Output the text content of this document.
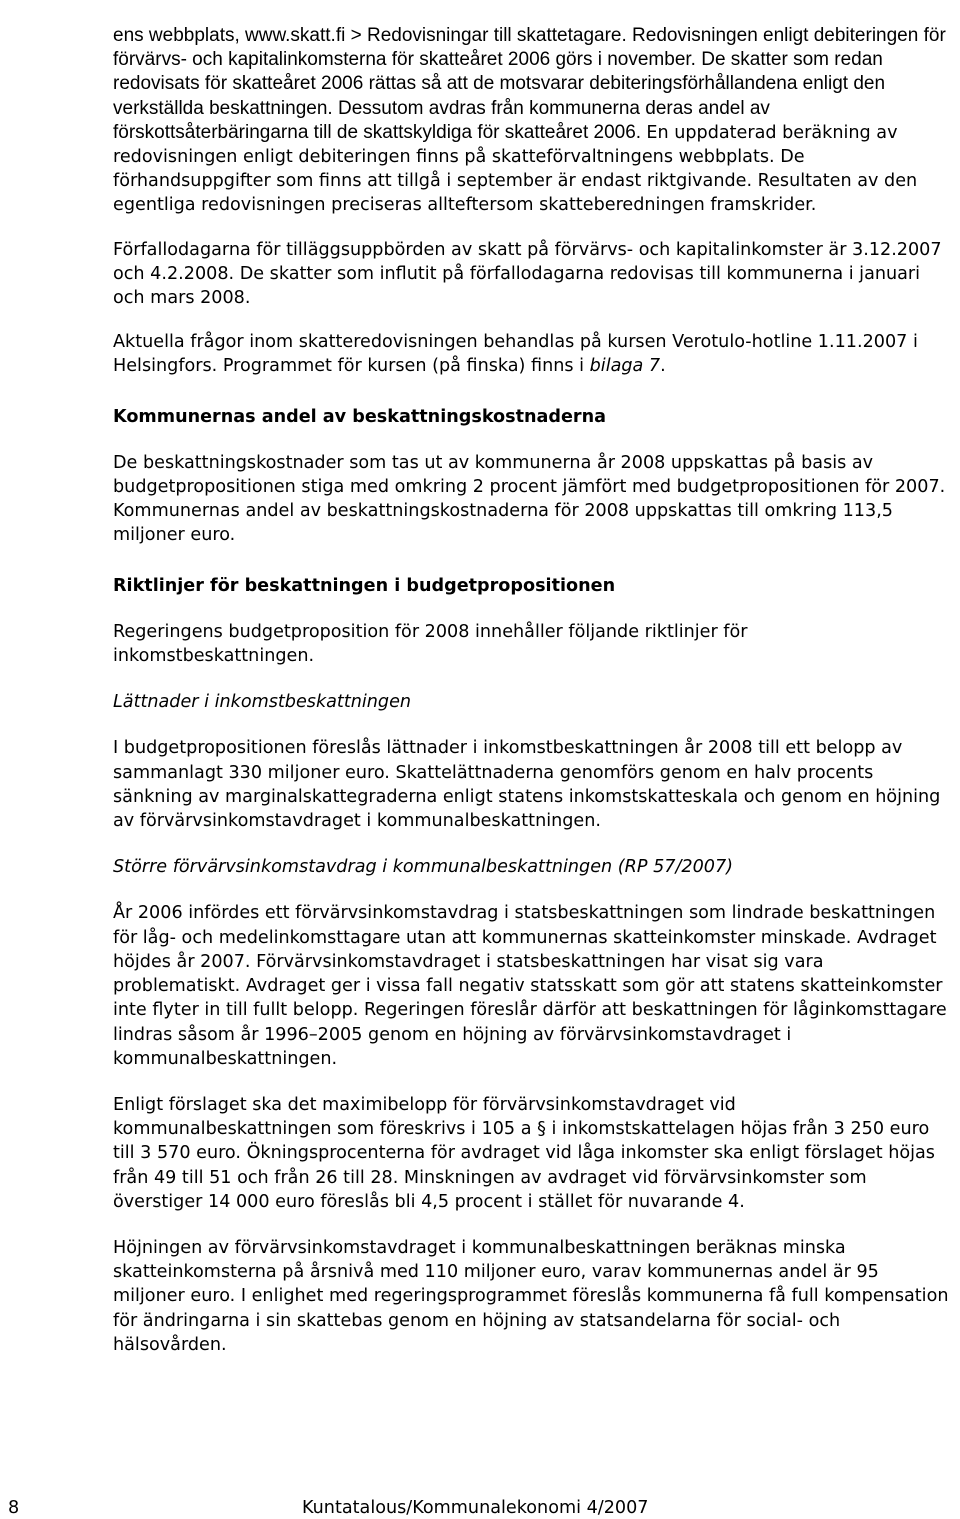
ens webbplats, www.skatt.fi > Redovisningar till skattetagare. Redovisningen enligt debiteringen för förvärvs- och kapitalinkomsterna för skatteåret 2006 görs i november. De skatter som redan redovisats för skatteåret 2006 rättas så att de motsvarar debiteringsförhållandena enligt den verkställda beskattningen. Dessutom avdras från kommunerna deras andel av förskottsåterbäringarna till de skattskyldiga för skatteåret 2006. En uppdaterad beräkning av redovisningen enligt debiteringen finns på skatteförvaltningens webbplats. De förhandsuppgifter som finns att tillgå i september är endast riktgivande. Resultaten av den egentliga redovisningen preciseras allteftersom skatteberedningen framskrider.

Förfallodagarna för tilläggsuppbörden av skatt på förvärvs- och kapitalinkomster är 3.12.2007 och 4.2.2008. De skatter som influtit på förfallodagarna redovisas till kommunerna i januari och mars 2008.

Aktuella frågor inom skatteredovisningen behandlas på kursen Verotulo-hotline 1.11.2007 i Helsingfors. Programmet för kursen (på finska) finns i bilaga 7.

Kommunernas andel av beskattningskostnaderna

De beskattningskostnader som tas ut av kommunerna år 2008 uppskattas på basis av budgetpropositionen stiga med omkring 2 procent jämfört med budgetpropositionen för 2007. Kommunernas andel av beskattningskostnaderna för 2008 uppskattas till omkring 113,5 miljoner euro.

Riktlinjer för beskattningen i budgetpropositionen

Regeringens budgetproposition för 2008 innehåller följande riktlinjer för inkomstbeskattningen.

Lättnader i inkomstbeskattningen

I budgetpropositionen föreslås lättnader i inkomstbeskattningen år 2008 till ett belopp av sammanlagt 330 miljoner euro. Skattelättnaderna genomförs genom en halv procents sänkning av marginalskattegraderna enligt statens inkomstskatteskala och genom en höjning av förvärvsinkomstavdraget i kommunalbeskattningen.

Större förvärvsinkomstavdrag i kommunalbeskattningen (RP 57/2007)

År 2006 infördes ett förvärvsinkomstavdrag i statsbeskattningen som lindrade beskattningen för låg- och medelinkomsttagare utan att kommunernas skatteinkomster minskade. Avdraget höjdes år 2007. Förvärvsinkomstavdraget i statsbeskattningen har visat sig vara problematiskt. Avdraget ger i vissa fall negativ statsskatt som gör att statens skatteinkomster inte flyter in till fullt belopp. Regeringen föreslår därför att beskattningen för låginkomsttagare lindras såsom år 1996–2005 genom en höjning av förvärvsinkomstavdraget i kommunalbeskattningen.

Enligt förslaget ska det maximibelopp för förvärvsinkomstavdraget vid kommunalbeskattningen som föreskrivs i 105 a § i inkomstskattelagen höjas från 3 250 euro till 3 570 euro. Ökningsprocenterna för avdraget vid låga inkomster ska enligt förslaget höjas från 49 till 51 och från 26 till 28. Minskningen av avdraget vid förvärvsinkomster som överstiger 14 000 euro föreslås bli 4,5 procent i stället för nuvarande 4.

Höjningen av förvärvsinkomstavdraget i kommunalbeskattningen beräknas minska skatteinkomsterna på årsnivå med 110 miljoner euro, varav kommunernas andel är 95 miljoner euro. I enlighet med regeringsprogrammet föreslås kommunerna få full kompensation för ändringarna i sin skattebas genom en höjning av statsandelarna för social- och hälsovården.

8	Kuntatalous/Kommunalekonomi 4/2007
